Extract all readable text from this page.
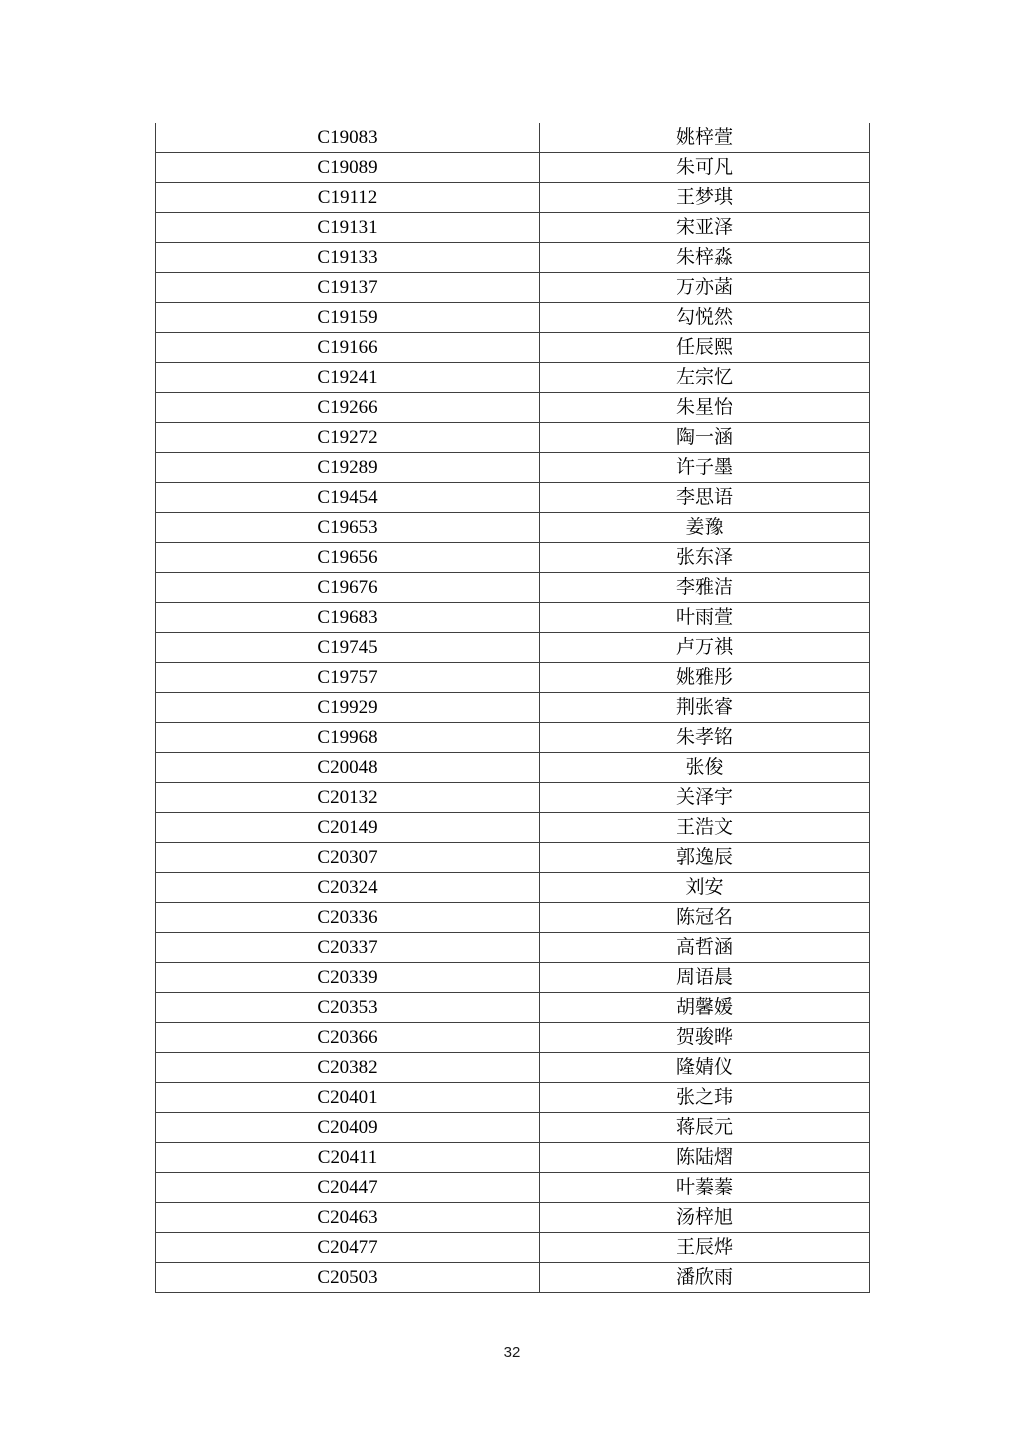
C19083	姚梓萱
C19089	朱可凡
C19112	王梦琪
C19131	宋亚泽
C19133	朱梓淼
C19137	万亦菡
C19159	勾悦然
C19166	任辰熙
C19241	左宗忆
C19266	朱星怡
C19272	陶一涵
C19289	许子墨
C19454	李思语
C19653	姜豫
C19656	张东泽
C19676	李雅洁
C19683	叶雨萱
C19745	卢万祺
C19757	姚雅彤
C19929	荆张睿
C19968	朱孝铭
C20048	张俊
C20132	关泽宇
C20149	王浩文
C20307	郭逸辰
C20324	刘安
C20336	陈冠名
C20337	高哲涵
C20339	周语晨
C20353	胡馨媛
C20366	贺骏晔
C20382	隆婧仪
C20401	张之玮
C20409	蒋辰元
C20411	陈陆熠
C20447	叶蓁蓁
C20463	汤梓旭
C20477	王辰烨
C20503	潘欣雨
32
